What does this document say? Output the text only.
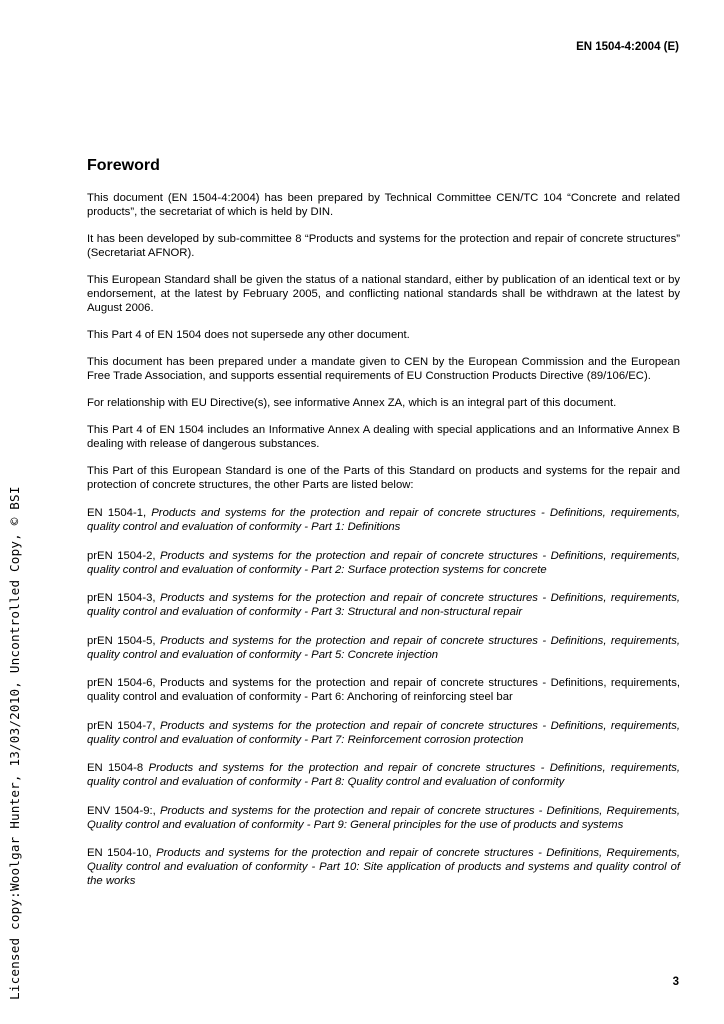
EN 1504-4:2004 (E)
Licensed copy:Woolgar Hunter, 13/03/2010, Uncontrolled Copy, © BSI
Foreword

This document (EN 1504-4:2004) has been prepared by Technical Committee CEN/TC 104 “Concrete and related products”, the secretariat of which is held by DIN.

It has been developed by sub-committee 8 “Products and systems for the protection and repair of concrete structures” (Secretariat AFNOR).

This European Standard shall be given the status of a national standard, either by publication of an identical text or by endorsement, at the latest by February 2005, and conflicting national standards shall be withdrawn at the latest by August 2006.

This Part 4 of EN 1504 does not supersede any other document.

This document has been prepared under a mandate given to CEN by the European Commission and the European Free Trade Association, and supports essential requirements of EU Construction Products Directive (89/106/EC).

For relationship with EU Directive(s), see informative Annex ZA, which is an integral part of this document.

This Part 4 of EN 1504 includes an Informative Annex A dealing with special applications and an Informative Annex B dealing with release of dangerous substances.

This Part of this European Standard is one of the Parts of this Standard on products and systems for the repair and protection of concrete structures, the other Parts are listed below:

EN 1504-1, Products and systems for the protection and repair of concrete structures - Definitions, requirements, quality control and evaluation of conformity - Part 1: Definitions

prEN 1504-2, Products and systems for the protection and repair of concrete structures - Definitions, requirements, quality control and evaluation of conformity - Part 2: Surface protection systems for concrete

prEN 1504-3, Products and systems for the protection and repair of concrete structures - Definitions, requirements, quality control and evaluation of conformity - Part 3: Structural and non-structural repair

prEN 1504-5, Products and systems for the protection and repair of concrete structures - Definitions, requirements, quality control and evaluation of conformity - Part 5: Concrete injection

prEN 1504-6, Products and systems for the protection and repair of concrete structures - Definitions, requirements, quality control and evaluation of conformity - Part 6: Anchoring of reinforcing steel bar

prEN 1504-7, Products and systems for the protection and repair of concrete structures - Definitions, requirements, quality control and evaluation of conformity - Part 7: Reinforcement corrosion protection

EN 1504-8 Products and systems for the protection and repair of concrete structures - Definitions, requirements, quality control and evaluation of conformity - Part 8: Quality control and evaluation of conformity

ENV 1504-9:, Products and systems for the protection and repair of concrete structures - Definitions, Requirements, Quality control and evaluation of conformity - Part 9: General principles for the use of products and systems

EN 1504-10, Products and systems for the protection and repair of concrete structures - Definitions, Requirements, Quality control and evaluation of conformity - Part 10: Site application of products and systems and quality control of the works

3
